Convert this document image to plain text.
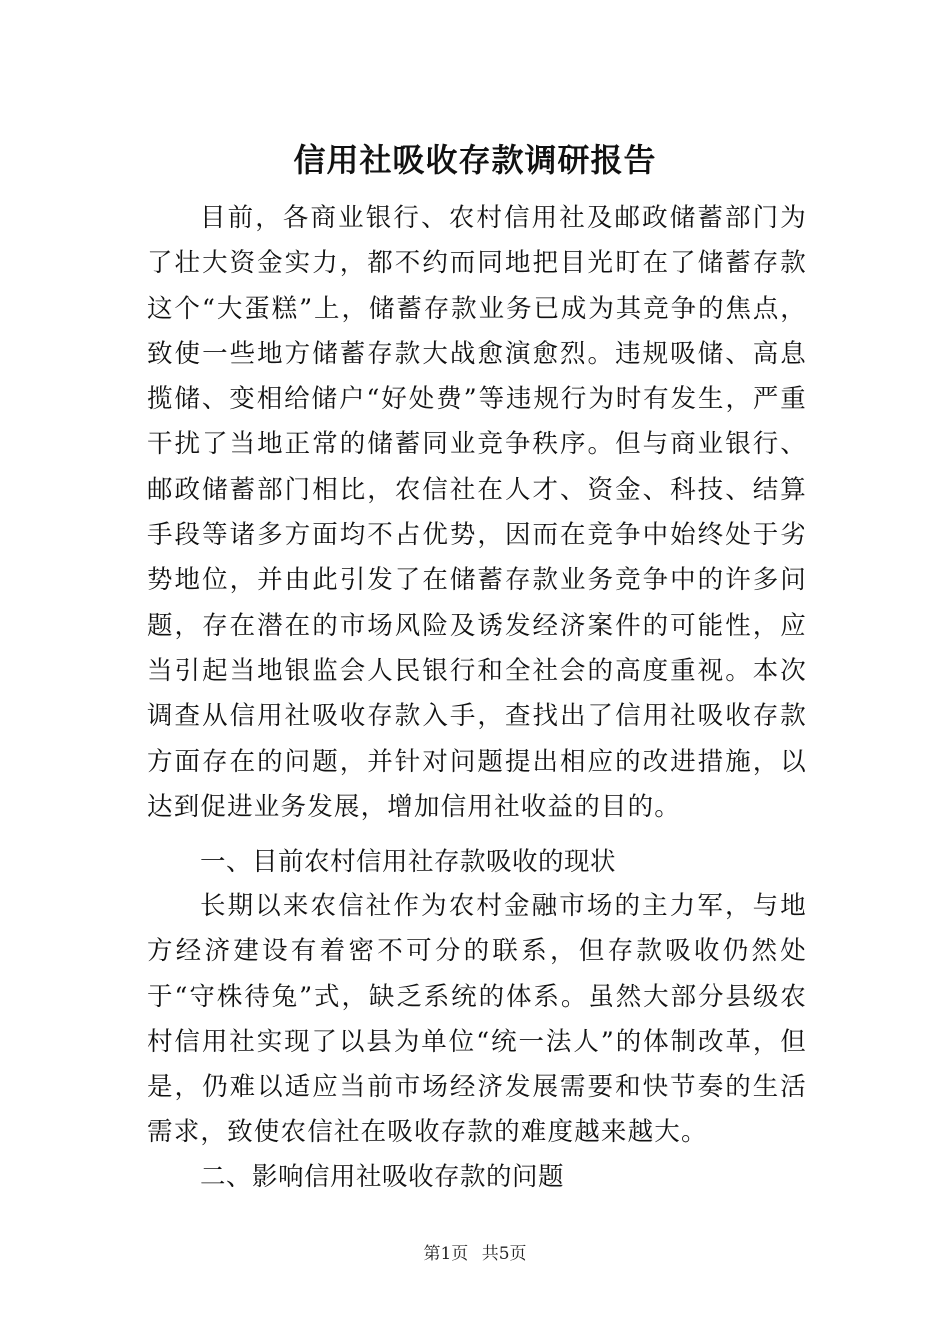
信用社吸收存款调研报告

目前，各商业银行、农村信用社及邮政储蓄部门为了壮大资金实力，都不约而同地把目光盯在了储蓄存款这个“大蛋糕”上，储蓄存款业务已成为其竞争的焦点，致使一些地方储蓄存款大战愈演愈烈。违规吸储、高息揽储、变相给储户“好处费”等违规行为时有发生，严重干扰了当地正常的储蓄同业竞争秩序。但与商业银行、邮政储蓄部门相比，农信社在人才、资金、科技、结算手段等诸多方面均不占优势，因而在竞争中始终处于劣势地位，并由此引发了在储蓄存款业务竞争中的许多问题，存在潜在的市场风险及诱发经济案件的可能性，应当引起当地银监会人民银行和全社会的高度重视。本次调查从信用社吸收存款入手，查找出了信用社吸收存款方面存在的问题，并针对问题提出相应的改进措施，以达到促进业务发展，增加信用社收益的目的。

一、目前农村信用社存款吸收的现状

长期以来农信社作为农村金融市场的主力军，与地方经济建设有着密不可分的联系，但存款吸收仍然处于“守株待兔”式，缺乏系统的体系。虽然大部分县级农村信用社实现了以县为单位“统一法人”的体制改革，但是，仍难以适应当前市场经济发展需要和快节奏的生活需求，致使农信社在吸收存款的难度越来越大。

二、影响信用社吸收存款的问题
第1页 共5页
